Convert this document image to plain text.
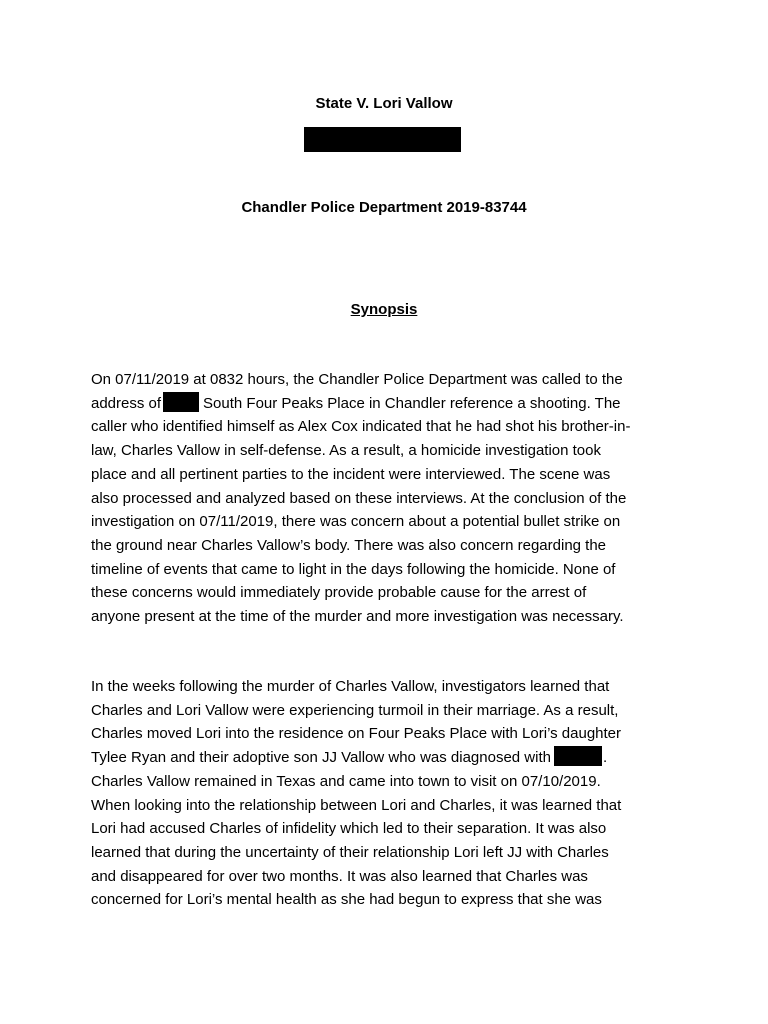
State V. Lori Vallow
Chandler Police Department 2019-83744
Synopsis
On 07/11/2019 at 0832 hours, the Chandler Police Department was called to the
address of	South Four Peaks Place in Chandler reference a shooting. The
caller who identified himself as Alex Cox indicated that he had shot his brother-in-
law, Charles Vallow in self-defense. As a result, a homicide investigation took
place and all pertinent parties to the incident were interviewed. The scene was
also processed and analyzed based on these interviews. At the conclusion of the
investigation on 07/11/2019, there was concern about a potential bullet strike on
the ground near Charles Vallow’s body. There was also concern regarding the
timeline of events that came to light in the days following the homicide. None of
these concerns would immediately provide probable cause for the arrest of
anyone present at the time of the murder and more investigation was necessary.
In the weeks following the murder of Charles Vallow, investigators learned that
Charles and Lori Vallow were experiencing turmoil in their marriage. As a result,
Charles moved Lori into the residence on Four Peaks Place with Lori’s daughter
Tylee Ryan and their adoptive son JJ Vallow who was diagnosed with	.
Charles Vallow remained in Texas and came into town to visit on 07/10/2019.
When looking into the relationship between Lori and Charles, it was learned that
Lori had accused Charles of infidelity which led to their separation. It was also
learned that during the uncertainty of their relationship Lori left JJ with Charles
and disappeared for over two months. It was also learned that Charles was
concerned for Lori’s mental health as she had begun to express that she was
